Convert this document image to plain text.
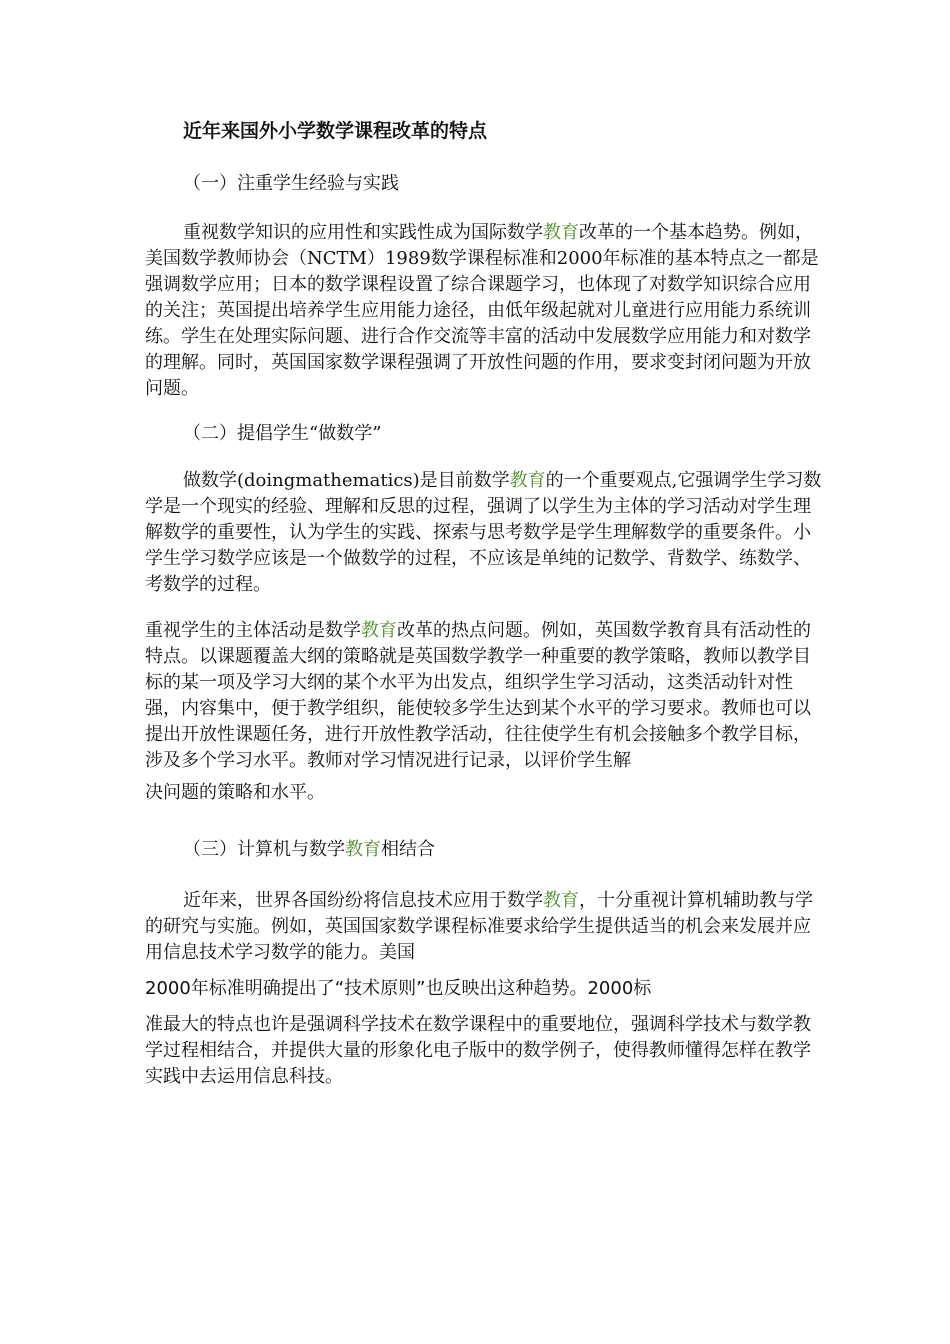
近年来国外小学数学课程改革的特点
（一）注重学生经验与实践

重视数学知识的应用性和实践性成为国际数学教育改革的一个基本趋势。例如，美国数学教师协会（NCTM）1989数学课程标准和2000年标准的基本特点之一都是强调数学应用；日本的数学课程设置了综合课题学习，也体现了对数学知识综合应用的关注；英国提出培养学生应用能力途径，由低年级起就对儿童进行应用能力系统训练。学生在处理实际问题、进行合作交流等丰富的活动中发展数学应用能力和对数学的理解。同时，英国国家数学课程强调了开放性问题的作用，要求变封闭问题为开放问题。

（二）提倡学生“做数学”

做数学(doingmathematics)是目前数学教育的一个重要观点,它强调学生学习数学是一个现实的经验、理解和反思的过程，强调了以学生为主体的学习活动对学生理解数学的重要性，认为学生的实践、探索与思考数学是学生理解数学的重要条件。小学生学习数学应该是一个做数学的过程，不应该是单纯的记数学、背数学、练数学、考数学的过程。

重视学生的主体活动是数学教育改革的热点问题。例如，英国数学教育具有活动性的特点。以课题覆盖大纲的策略就是英国数学教学一种重要的教学策略，教师以教学目标的某一项及学习大纲的某个水平为出发点，组织学生学习活动，这类活动针对性强，内容集中，便于教学组织，能使较多学生达到某个水平的学习要求。教师也可以提出开放性课题任务，进行开放性教学活动，往往使学生有机会接触多个教学目标，涉及多个学习水平。教师对学习情况进行记录，以评价学生解

决问题的策略和水平。

（三）计算机与数学教育相结合

近年来，世界各国纷纷将信息技术应用于数学教育，十分重视计算机辅助教与学的研究与实施。例如，英国国家数学课程标准要求给学生提供适当的机会来发展并应用信息技术学习数学的能力。美国

2000年标准明确提出了“技术原则”也反映出这种趋势。2000标

准最大的特点也许是强调科学技术在数学课程中的重要地位，强调科学技术与数学教学过程相结合，并提供大量的形象化电子版中的数学例子，使得教师懂得怎样在教学实践中去运用信息科技。
